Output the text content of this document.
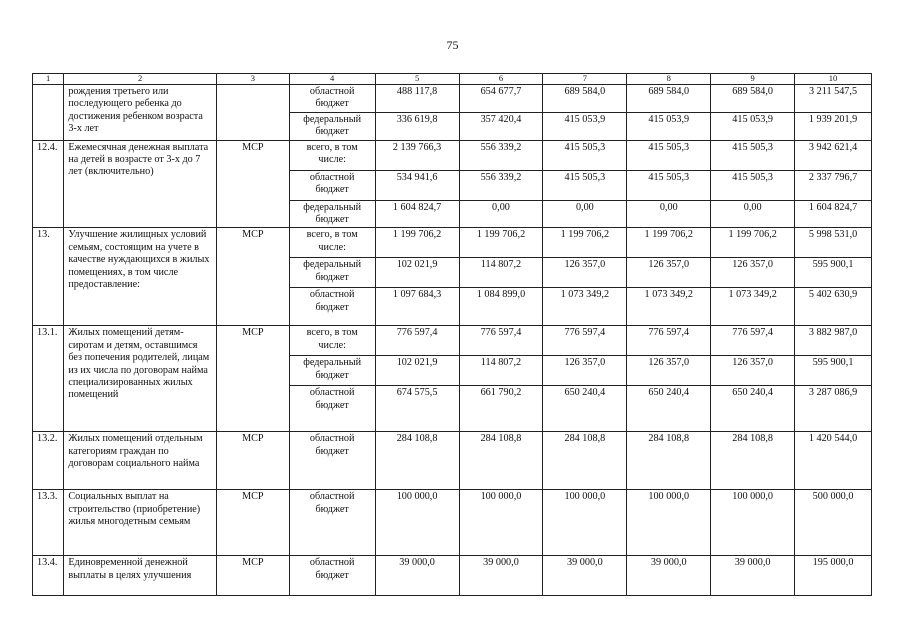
75
1	2	3	4	5	6	7	8	9	10
	рождения третьего или последующего ребенка до достижения ребенком возраста 3-х лет		областной бюджет	488 117,8	654 677,7	689 584,0	689 584,0	689 584,0	3 211 547,5
			федеральный бюджет	336 619,8	357 420,4	415 053,9	415 053,9	415 053,9	1 939 201,9
12.4.	Ежемесячная денежная выплата на детей в возрасте от 3-х до 7 лет (включительно)	МСР	всего, в том числе:	2 139 766,3	556 339,2	415 505,3	415 505,3	415 505,3	3 942 621,4
			областной бюджет	534 941,6	556 339,2	415 505,3	415 505,3	415 505,3	2 337 796,7
			федеральный бюджет	1 604 824,7	0,00	0,00	0,00	0,00	1 604 824,7
13.	Улучшение жилищных условий семьям, состоящим на учете в качестве нуждающихся в жилых помещениях, в том числе предоставление:	МСР	всего, в том числе:	1 199 706,2	1 199 706,2	1 199 706,2	1 199 706,2	1 199 706,2	5 998 531,0
			федеральный бюджет	102 021,9	114 807,2	126 357,0	126 357,0	126 357,0	595 900,1
			областной бюджет	1 097 684,3	1 084 899,0	1 073 349,2	1 073 349,2	1 073 349,2	5 402 630,9
13.1.	Жилых помещений детям-сиротам и детям, оставшимся без попечения родителей, лицам из их числа по договорам найма специализированных жилых помещений	МСР	всего, в том числе:	776 597,4	776 597,4	776 597,4	776 597,4	776 597,4	3 882 987,0
			федеральный бюджет	102 021,9	114 807,2	126 357,0	126 357,0	126 357,0	595 900,1
			областной бюджет	674 575,5	661 790,2	650 240,4	650 240,4	650 240,4	3 287 086,9
13.2.	Жилых помещений отдельным категориям граждан по договорам социального найма	МСР	областной бюджет	284 108,8	284 108,8	284 108,8	284 108,8	284 108,8	1 420 544,0
13.3.	Социальных выплат на строительство (приобретение) жилья многодетным семьям	МСР	областной бюджет	100 000,0	100 000,0	100 000,0	100 000,0	100 000,0	500 000,0
13.4.	Единовременной денежной выплаты в целях улучшения	МСР	областной бюджет	39 000,0	39 000,0	39 000,0	39 000,0	39 000,0	195 000,0
